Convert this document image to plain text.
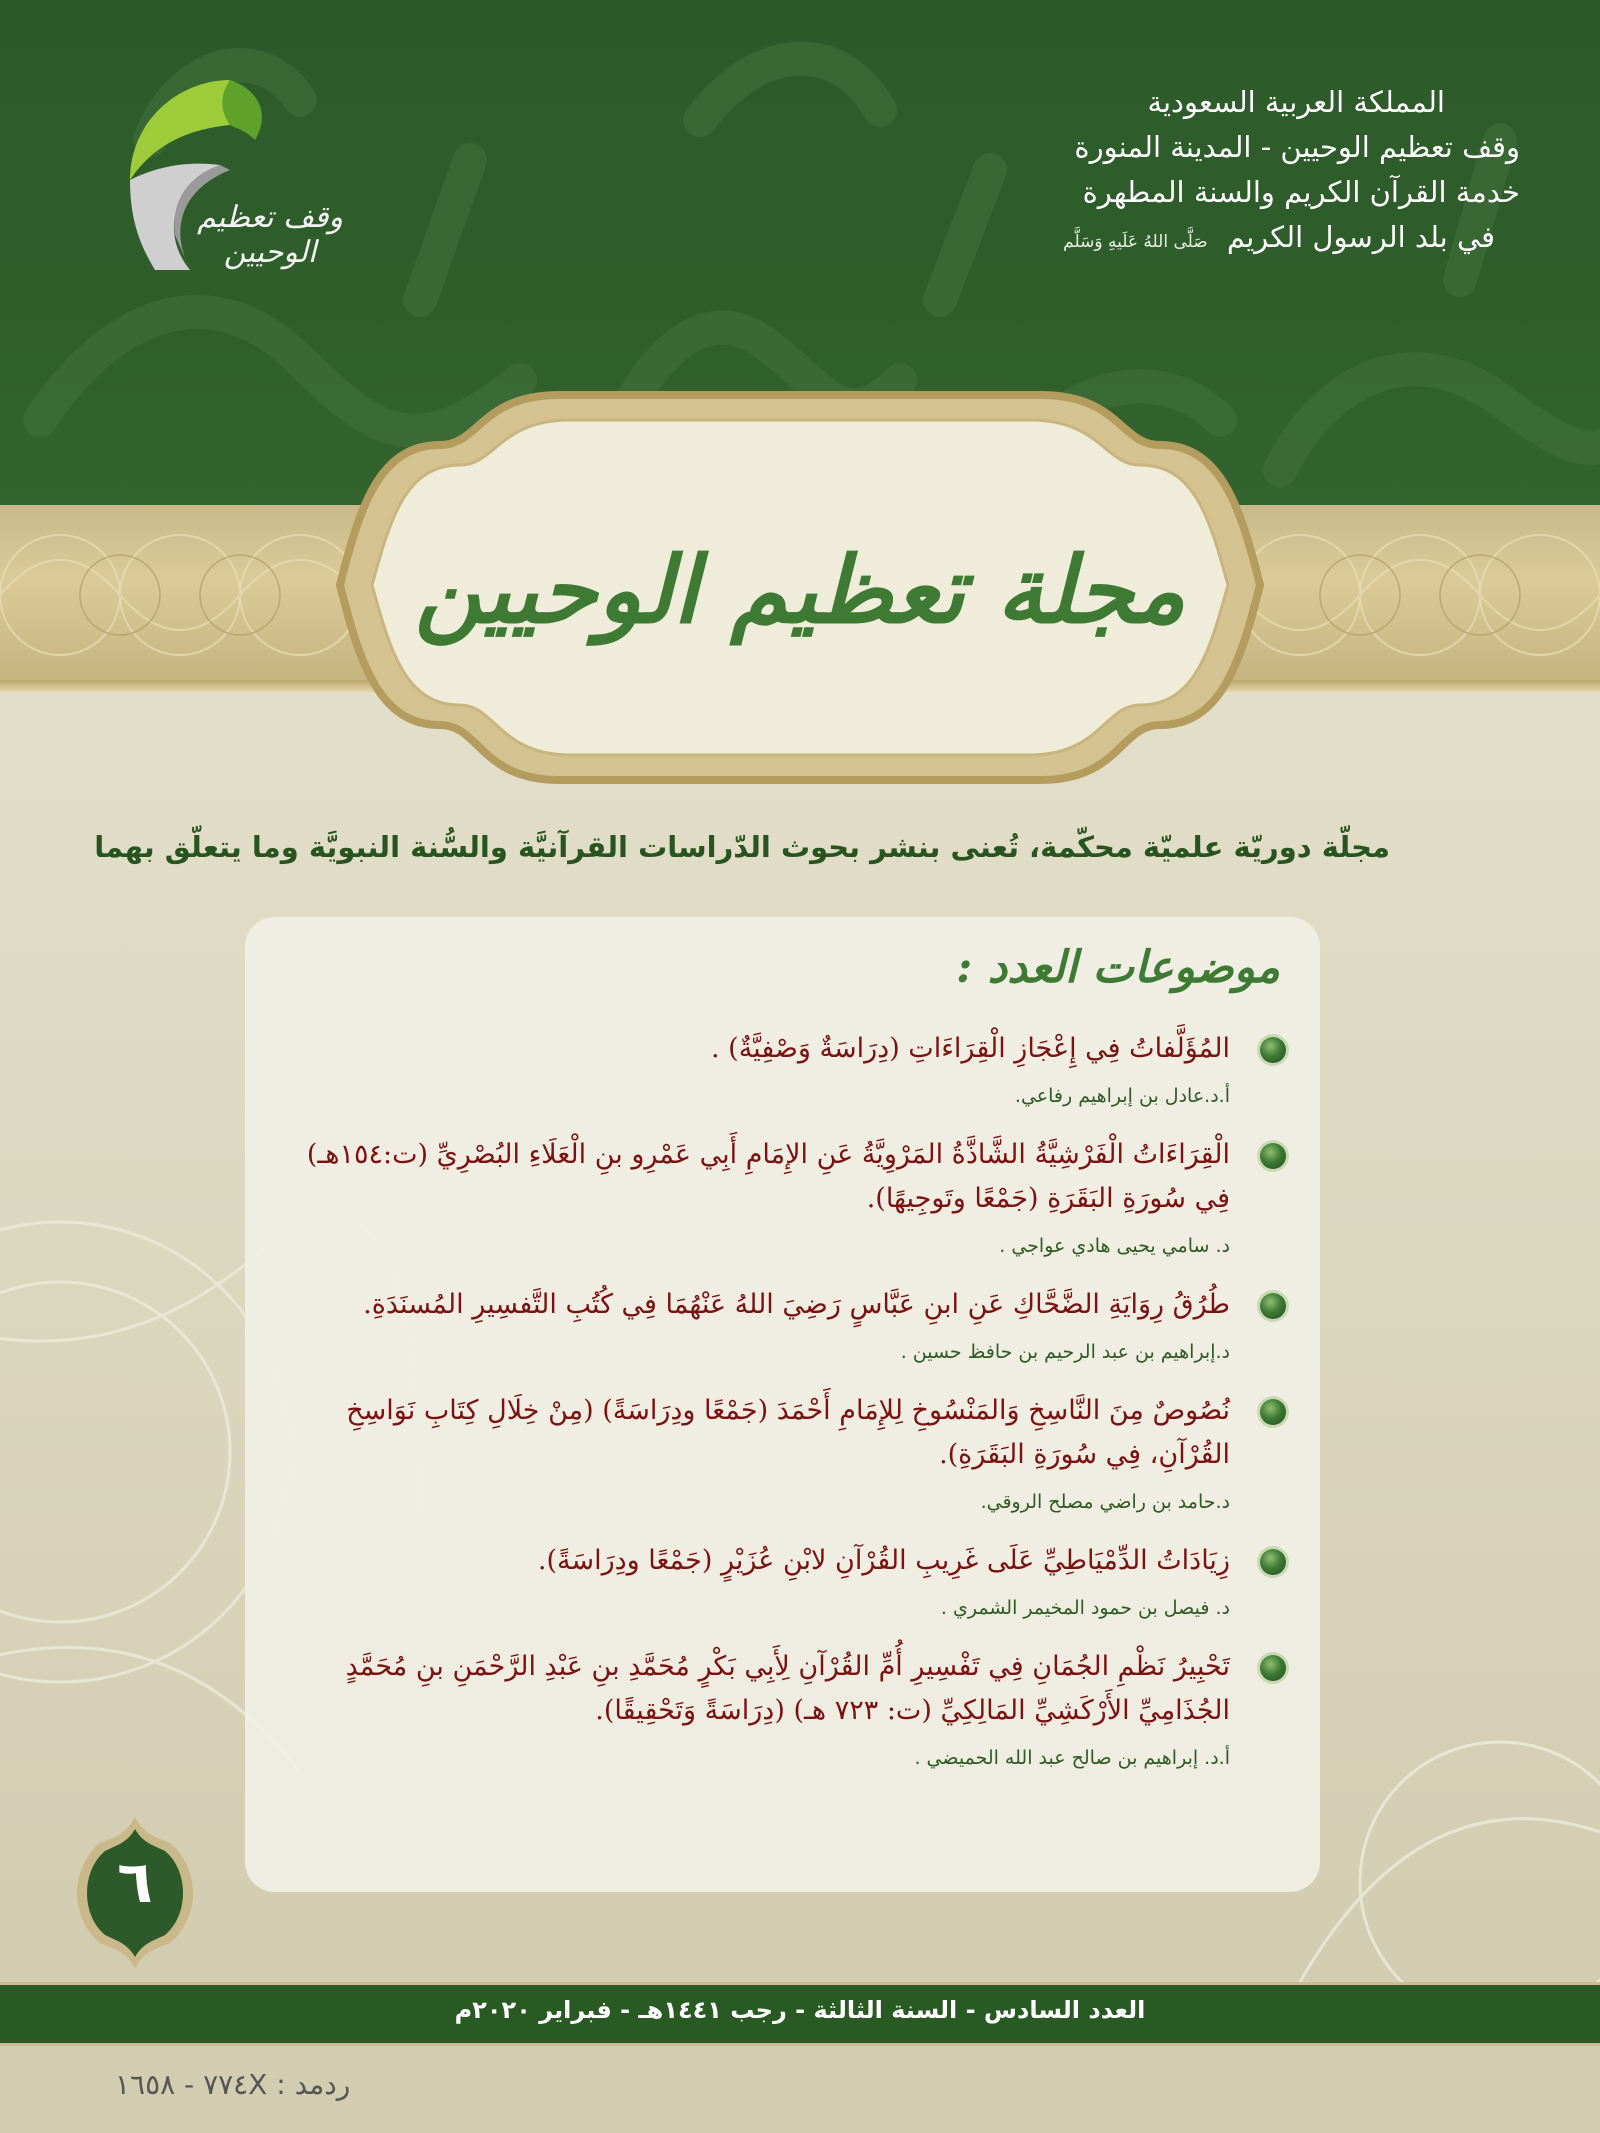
المملكة العربية السعودية
وقف تعظيم الوحيين - المدينة المنورة
خدمة القرآن الكريم والسنة المطهرة
في بلد الرسول الكريم صَلَّى اللهُ عَلَيهِ وَسَلَّم
وقف تعظيم الوحيين
مجلة تعظيم الوحيين
مجلّة دوريّة علميّة محكّمة، تُعنى بنشر بحوث الدّراسات القرآنيَّة والسُّنة النبويَّة وما يتعلّق بهما
موضوعات العدد :
المُؤَلَّفاتُ فِي إِعْجَازِ الْقِرَاءَاتِ (دِرَاسَةٌ وَصْفِيَّةٌ) .
أ.د.عادل بن إبراهيم رفاعي.
الْقِرَاءَاتُ الْفَرْشِيَّةُ الشَّاذَّةُ المَرْوِيَّةُ عَنِ الإِمَامِ أَبِي عَمْرِو بنِ الْعَلَاءِ البُصْرِيِّ (ت:١٥٤هـ) فِي سُورَةِ البَقَرَةِ (جَمْعًا وتَوجِيهًا).
د. سامي يحيى هادي عواجي .
طُرُقُ رِوَايَةِ الضَّحَّاكِ عَنِ ابنِ عَبَّاسٍ رَضِيَ اللهُ عَنْهُمَا فِي كُتُبِ التَّفسِيرِ المُسنَدَةِ.
د.إبراهيم بن عبد الرحيم بن حافظ حسين .
نُصُوصٌ مِنَ النَّاسِخِ وَالمَنْسُوخِ لِلإِمَامِ أَحْمَدَ (جَمْعًا ودِرَاسَةً) (مِنْ خِلَالِ كِتَابِ نَوَاسِخِ القُرْآنِ، فِي سُورَةِ البَقَرَةِ).
د.حامد بن راضي مصلح الروقي.
زِيَادَاتُ الدِّمْيَاطِيِّ عَلَى غَرِيبِ القُرْآنِ لابْنِ عُزَيْرٍ (جَمْعًا ودِرَاسَةً).
د. فيصل بن حمود المخيمر الشمري .
تَحْبِيرُ نَظْمِ الجُمَانِ فِي تَفْسِيرِ أُمِّ القُرْآنِ لِأَبِي بَكْرٍ مُحَمَّدِ بنِ عَبْدِ الرَّحْمَنِ بنِ مُحَمَّدٍ الجُذَامِيِّ الأَرْكَشِيِّ المَالِكِيِّ (ت: ٧٢٣ هـ) (دِرَاسَةً وَتَحْقِيقًا).
أ.د. إبراهيم بن صالح عبد الله الحميضي .
٦
العدد السادس - السنة الثالثة - رجب ١٤٤١هـ - فبراير ٢٠٢٠م
ردمد : ٧٧٤X - ١٦٥٨
